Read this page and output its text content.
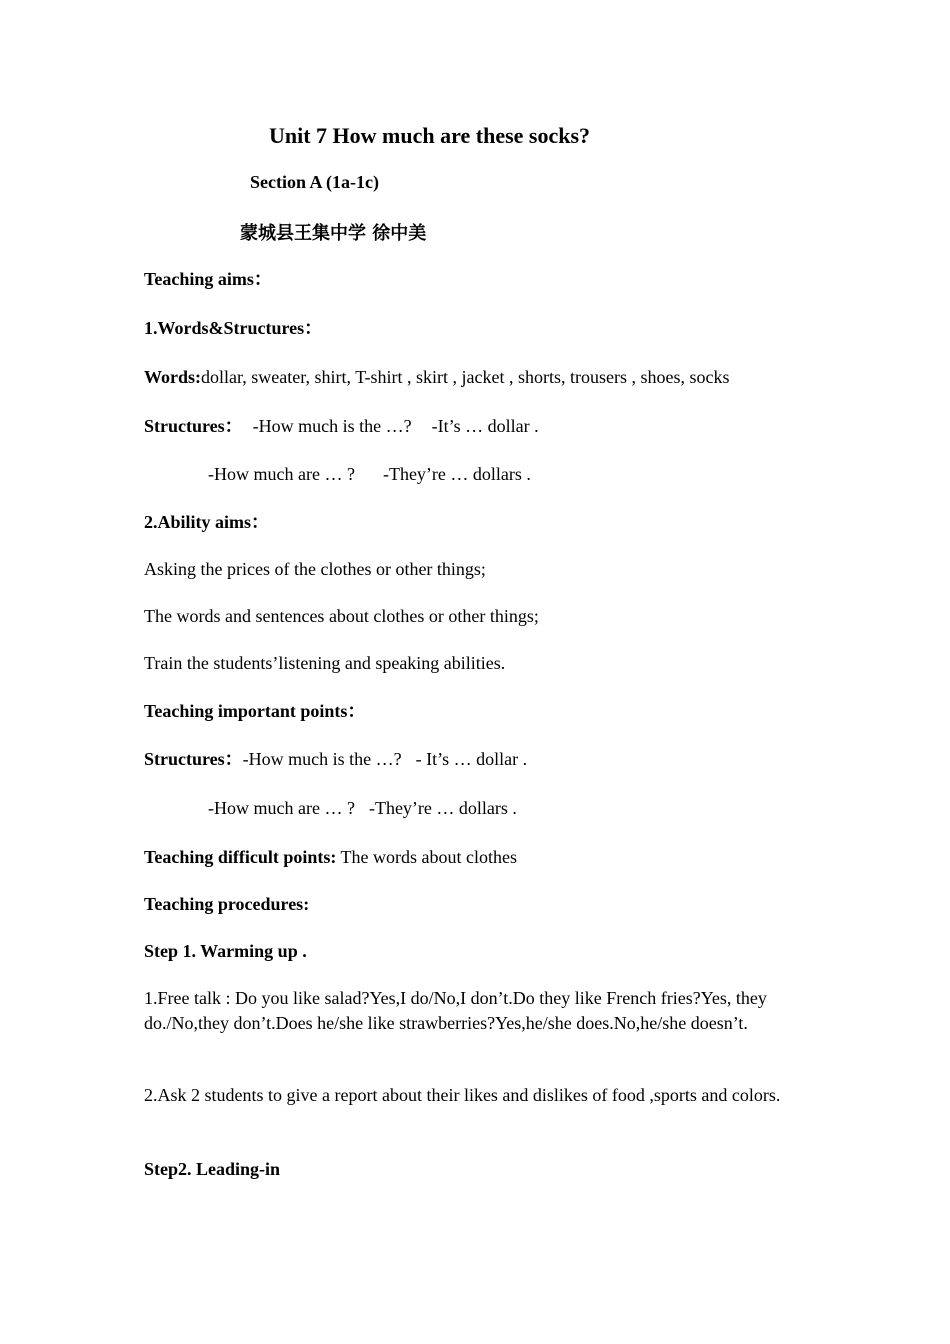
Unit 7 How much are these socks?
Section A (1a-1c)
蒙城县王集中学 徐中美
Teaching aims：
1.Words&Structures：
Words:dollar, sweater, shirt, T-shirt , skirt , jacket , shorts, trousers , shoes, socks
Structures： -How much is the …? -It’s … dollar .
-How much are … ? -They’re … dollars .
2.Ability aims：
Asking the prices of the clothes or other things;
The words and sentences about clothes or other things;
Train the students’listening and speaking abilities.
Teaching important points：
Structures：-How much is the …? - It’s … dollar .
-How much are … ? -They’re … dollars .
Teaching difficult points: The words about clothes
Teaching procedures:
Step 1. Warming up .
1.Free talk : Do you like salad?Yes,I do/No,I don’t.Do they like French fries?Yes, they do./No,they don’t.Does he/she like strawberries?Yes,he/she does.No,he/she doesn’t.
2.Ask 2 students to give a report about their likes and dislikes of food ,sports and colors.
Step2. Leading-in
